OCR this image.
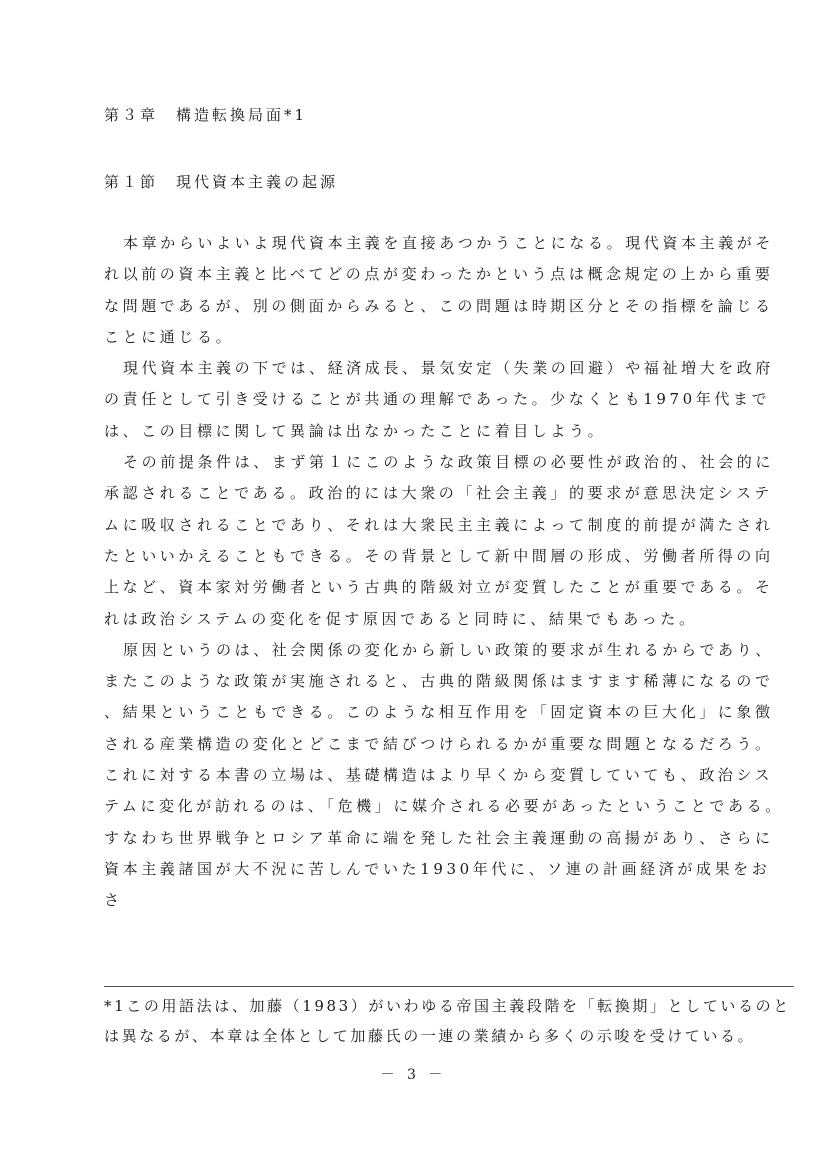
第３章　構造転換局面*1
第１節　現代資本主義の起源

本章からいよいよ現代資本主義を直接あつかうことになる。現代資本主義がそれ以前の資本主義と比べてどの点が変わったかという点は概念規定の上から重要な問題であるが、別の側面からみると、この問題は時期区分とその指標を論じることに通じる。

現代資本主義の下では、経済成長、景気安定（失業の回避）や福祉増大を政府の責任として引き受けることが共通の理解であった。少なくとも1970年代までは、この目標に関して異論は出なかったことに着目しよう。

その前提条件は、まず第１にこのような政策目標の必要性が政治的、社会的に承認されることである。政治的には大衆の「社会主義」的要求が意思決定システムに吸収されることであり、それは大衆民主主義によって制度的前提が満たされたといいかえることもできる。その背景として新中間層の形成、労働者所得の向上など、資本家対労働者という古典的階級対立が変質したことが重要である。それは政治システムの変化を促す原因であると同時に、結果でもあった。

原因というのは、社会関係の変化から新しい政策的要求が生れるからであり、またこのような政策が実施されると、古典的階級関係はますます稀薄になるので、結果ということもできる。このような相互作用を「固定資本の巨大化」に象徴される産業構造の変化とどこまで結びつけられるかが重要な問題となるだろう。これに対する本書の立場は、基礎構造はより早くから変質していても、政治システムに変化が訪れるのは、「危機」に媒介される必要があったということである。すなわち世界戦争とロシア革命に端を発した社会主義運動の高揚があり、さらに資本主義諸国が大不況に苦しんでいた1930年代に、ソ連の計画経済が成果をおさ

*1この用語法は、加藤（1983）がいわゆる帝国主義段階を「転換期」としているのとは異なるが、本章は全体として加藤氏の一連の業績から多くの示唆を受けている。

－ 3 －
